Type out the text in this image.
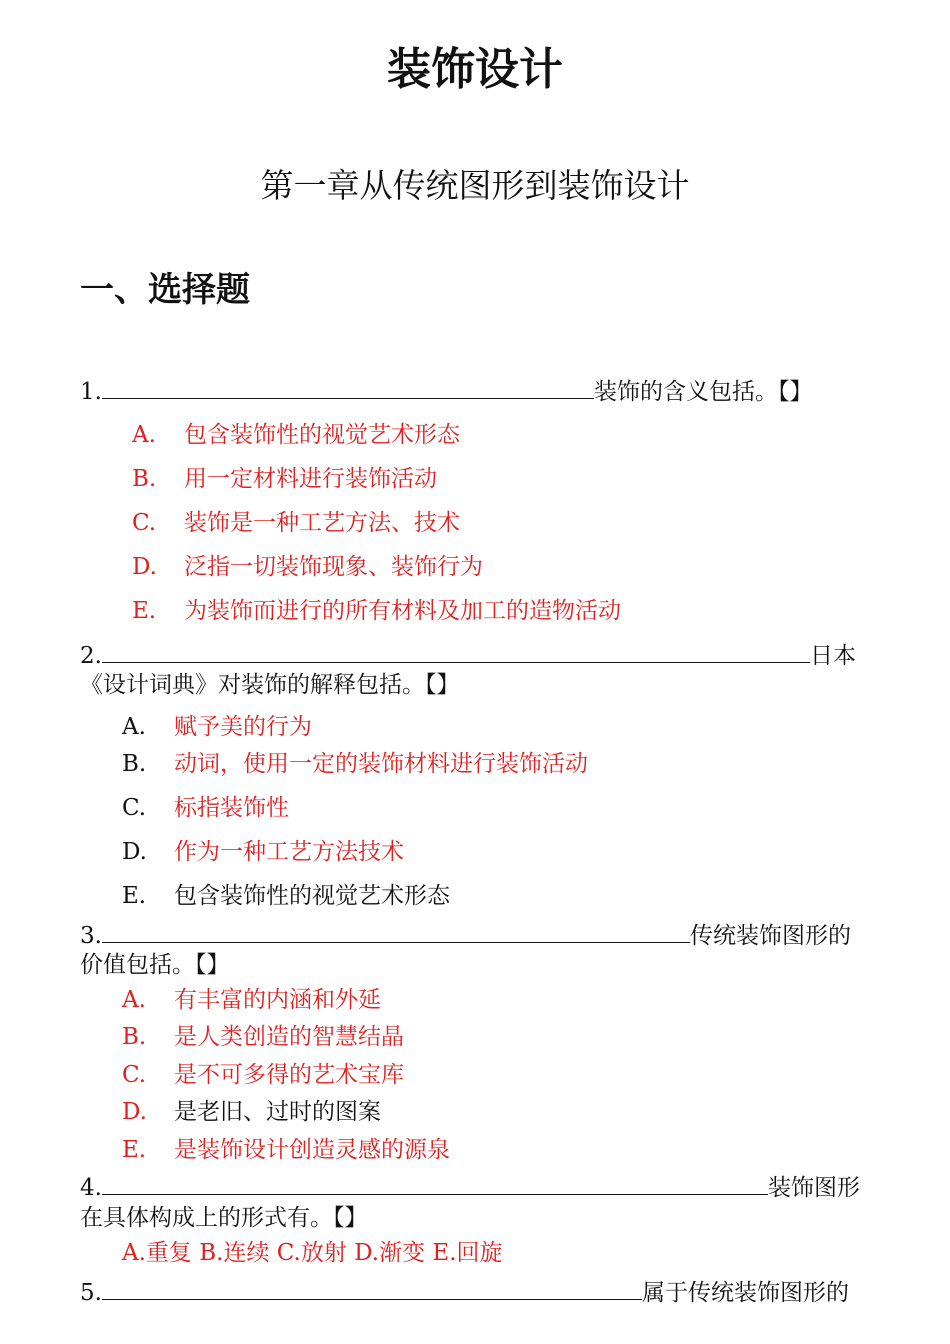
装饰设计
第一章从传统图形到装饰设计
一、选择题
1.	装饰的含义包括。【】
A. 包含装饰性的视觉艺术形态
B. 用一定材料进行装饰活动
C. 装饰是一种工艺方法、技术
D. 泛指一切装饰现象、装饰行为
E. 为装饰而进行的所有材料及加工的造物活动
2.	日本
《设计词典》对装饰的解释包括。【】
A. 赋予美的行为
B. 动词，使用一定的装饰材料进行装饰活动
C. 标指装饰性
D. 作为一种工艺方法技术
E. 包含装饰性的视觉艺术形态
3.	传统装饰图形的
价值包括。【】
A. 有丰富的内涵和外延
B. 是人类创造的智慧结晶
C. 是不可多得的艺术宝库
D. 是老旧、过时的图案
E. 是装饰设计创造灵感的源泉
4.	装饰图形
在具体构成上的形式有。【】
A.重复 B.连续 C.放射 D.渐变 E.回旋
5.	属于传统装饰图形的
